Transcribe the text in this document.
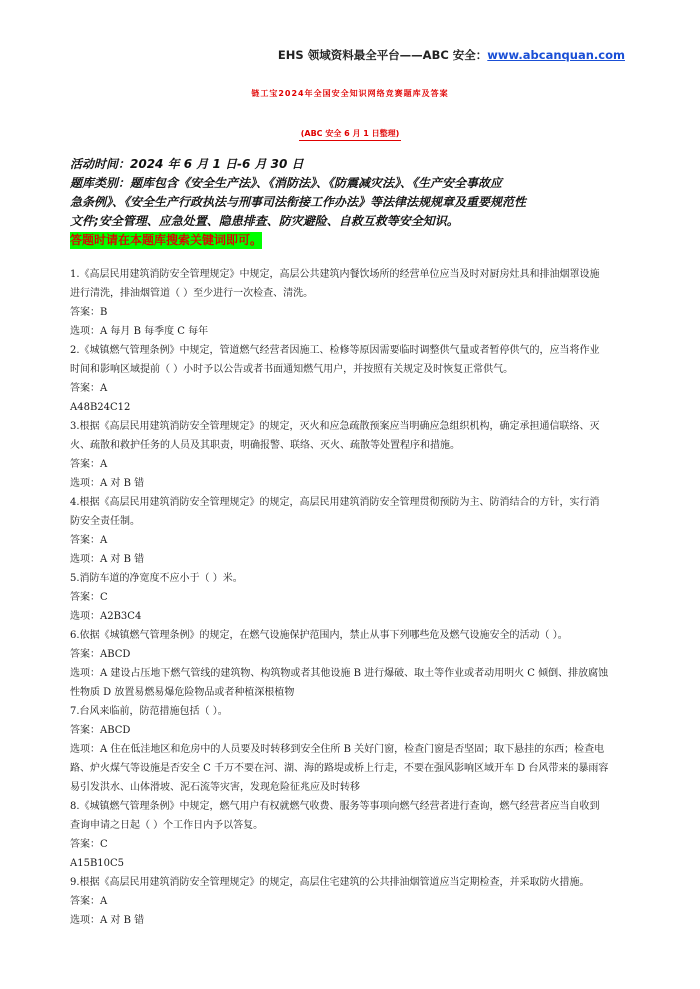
EHS 领域资料最全平台——ABC 安全：www.abcanquan.com
链工宝2024年全国安全知识网络竞赛题库及答案
(ABC 安全 6 月 1 日整理)
活动时间：2024 年 6 月 1 日-6 月 30 日
题库类别：题库包含《安全生产法》、《消防法》、《防震减灾法》、《生产安全事故应
急条例》、《安全生产行政执法与刑事司法衔接工作办法》等法律法规规章及重要规范性
文件;安全管理、应急处置、隐患排查、防灾避险、自救互救等安全知识。
答题时请在本题库搜索关键词即可。
1.《高层民用建筑消防安全管理规定》中规定，高层公共建筑内餐饮场所的经营单位应当及时对厨房灶具和排油烟罩设施
进行清洗，排油烟管道（ ）至少进行一次检查、清洗。
答案：B
选项：A 每月 B 每季度 C 每年
2.《城镇燃气管理条例》中规定，管道燃气经营者因施工、检修等原因需要临时调整供气量或者暂停供气的，应当将作业
时间和影响区域提前（ ）小时予以公告或者书面通知燃气用户，并按照有关规定及时恢复正常供气。
答案：A
A48B24C12
3.根据《高层民用建筑消防安全管理规定》的规定，灭火和应急疏散预案应当明确应急组织机构，确定承担通信联络、灭
火、疏散和救护任务的人员及其职责，明确报警、联络、灭火、疏散等处置程序和措施。
答案：A
选项：A 对 B 错
4.根据《高层民用建筑消防安全管理规定》的规定，高层民用建筑消防安全管理贯彻预防为主、防消结合的方针，实行消
防安全责任制。
答案：A
选项：A 对 B 错
5.消防车道的净宽度不应小于（ ）米。
答案：C
选项：A2B3C4
6.依据《城镇燃气管理条例》的规定，在燃气设施保护范围内，禁止从事下列哪些危及燃气设施安全的活动（ ）。
答案：ABCD
选项：A 建设占压地下燃气管线的建筑物、构筑物或者其他设施 B 进行爆破、取土等作业或者动用明火 C 倾倒、排放腐蚀
性物质 D 放置易燃易爆危险物品或者种植深根植物
7.台风来临前，防范措施包括（ ）。
答案：ABCD
选项：A 住在低洼地区和危房中的人员要及时转移到安全住所 B 关好门窗，检查门窗是否坚固；取下悬挂的东西；检查电
路、炉火煤气等设施是否安全 C 千万不要在河、湖、海的路堤或桥上行走，不要在强风影响区域开车 D 台风带来的暴雨容
易引发洪水、山体滑坡、泥石流等灾害，发现危险征兆应及时转移
8.《城镇燃气管理条例》中规定，燃气用户有权就燃气收费、服务等事项向燃气经营者进行查询，燃气经营者应当自收到
查询申请之日起（ ）个工作日内予以答复。
答案：C
A15B10C5
9.根据《高层民用建筑消防安全管理规定》的规定，高层住宅建筑的公共排油烟管道应当定期检查，并采取防火措施。
答案：A
选项：A 对 B 错
